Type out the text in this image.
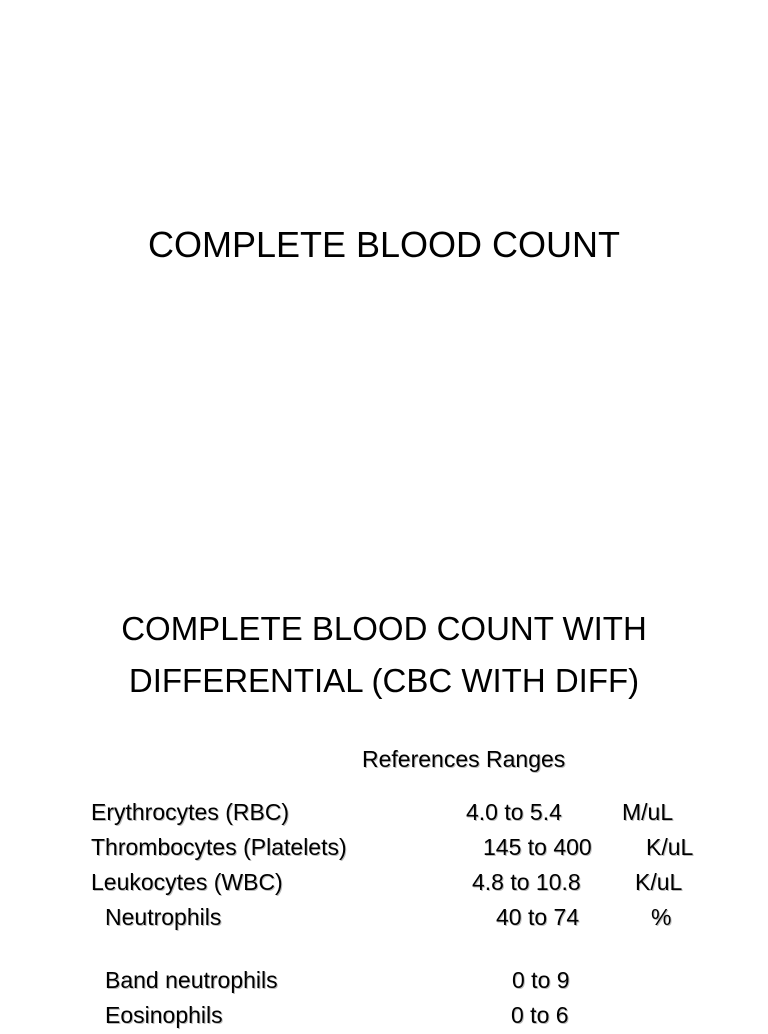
COMPLETE BLOOD COUNT
COMPLETE BLOOD COUNT WITH
DIFFERENTIAL (CBC WITH DIFF)
References Ranges
Erythrocytes (RBC)	4.0 to 5.4	M/uL
Thrombocytes (Platelets)	145 to 400 K/uL
Leukocytes (WBC)	4.8 to 10.8 K/uL
Neutrophils	40 to 74	%
Band neutrophils	0 to 9
Eosinophils	0 to 6
